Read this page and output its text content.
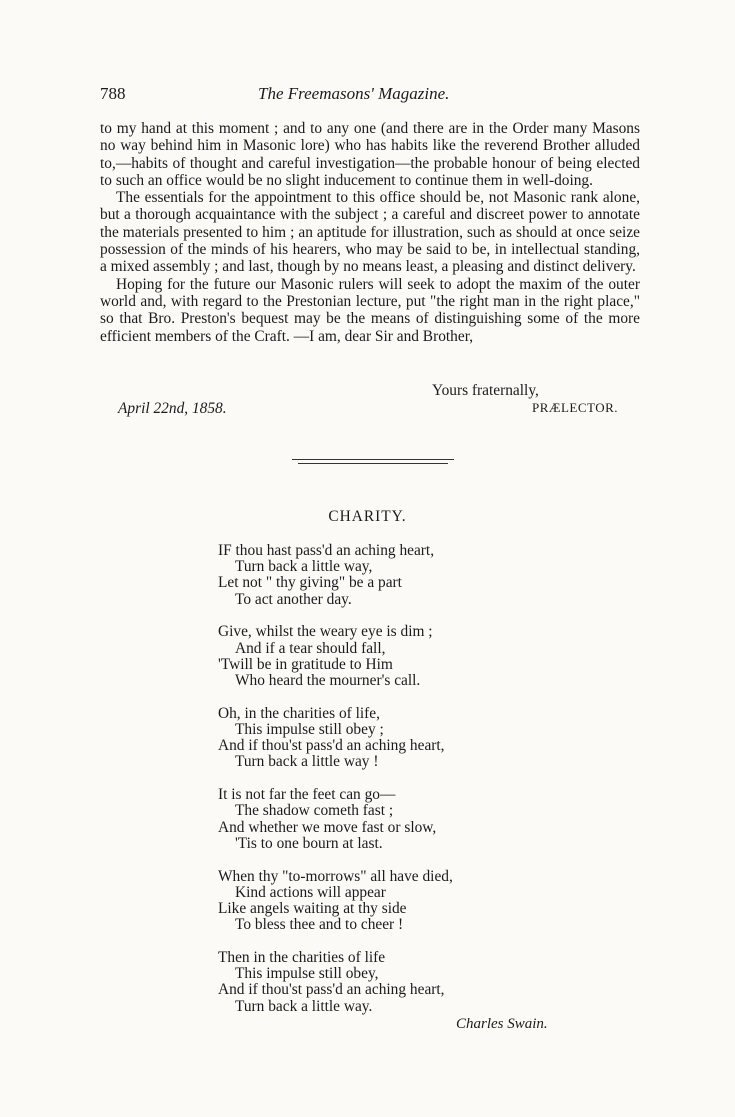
788	The Freemasons' Magazine.

to my hand at this moment ; and to any one (and there are in the Order many Masons no way behind him in Masonic lore) who has habits like the reverend Brother alluded to,—habits of thought and careful investigation—the probable honour of being elected to such an office would be no slight inducement to continue them in well-doing.

The essentials for the appointment to this office should be, not Masonic rank alone, but a thorough acquaintance with the subject ; a careful and discreet power to annotate the materials presented to him ; an aptitude for illustration, such as should at once seize possession of the minds of his hearers, who may be said to be, in intellectual standing, a mixed assembly ; and last, though by no means least, a pleasing and distinct delivery.

Hoping for the future our Masonic rulers will seek to adopt the maxim of the outer world and, with regard to the Prestonian lecture, put "the right man in the right place," so that Bro. Preston's bequest may be the means of distinguishing some of the more efficient members of the Craft. —I am, dear Sir and Brother,

Yours fraternally,
April 22nd, 1858.	PRÆLECTOR.
CHARITY.
IF thou hast pass'd an aching heart,
Turn back a little way,
Let not " thy giving" be a part
To act another day.
Give, whilst the weary eye is dim ;
And if a tear should fall,
'Twill be in gratitude to Him
Who heard the mourner's call.
Oh, in the charities of life,
This impulse still obey ;
And if thou'st pass'd an aching heart,
Turn back a little way !
It is not far the feet can go—
The shadow cometh fast ;
And whether we move fast or slow,
'Tis to one bourn at last.
When thy "to-morrows" all have died,
Kind actions will appear
Like angels waiting at thy side
To bless thee and to cheer !
Then in the charities of life
This impulse still obey,
And if thou'st pass'd an aching heart,
Turn back a little way.
Charles Swain.
